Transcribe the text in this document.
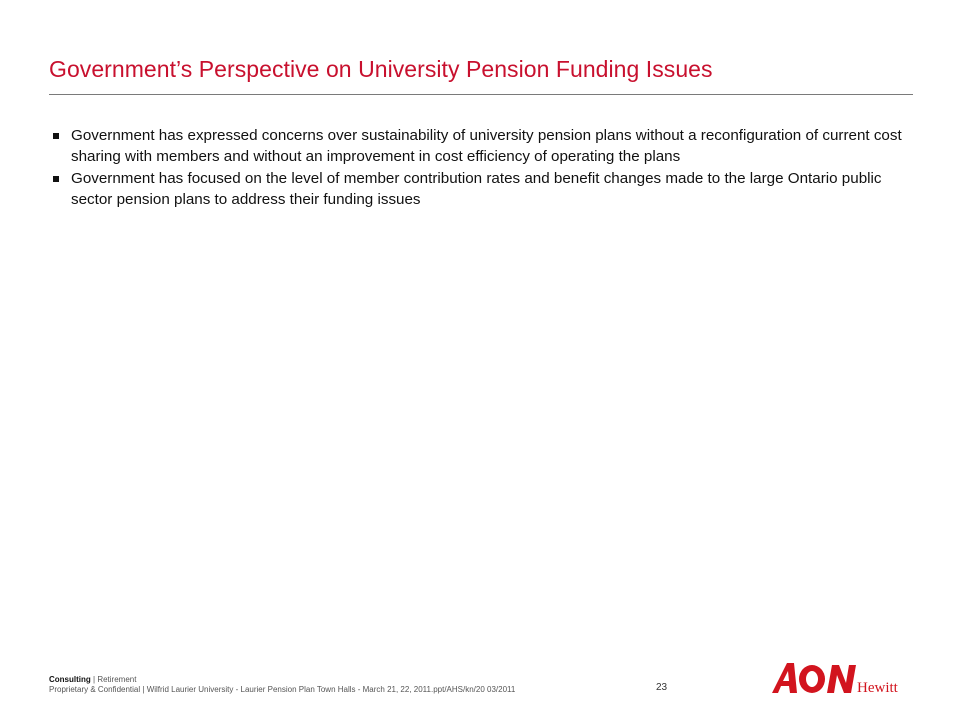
Government’s Perspective on University Pension Funding Issues
Government has expressed concerns over sustainability of university pension plans without a reconfiguration of current cost sharing with members and without an improvement in cost efficiency of operating the plans
Government has focused on the level of member contribution rates and benefit changes made to the large Ontario public sector pension plans to address their funding issues
Consulting | Retirement
Proprietary & Confidential | Wilfrid Laurier University - Laurier Pension Plan Town Halls - March 21, 22, 2011.ppt/AHS/kn/20 03/2011	23	Hewitt
